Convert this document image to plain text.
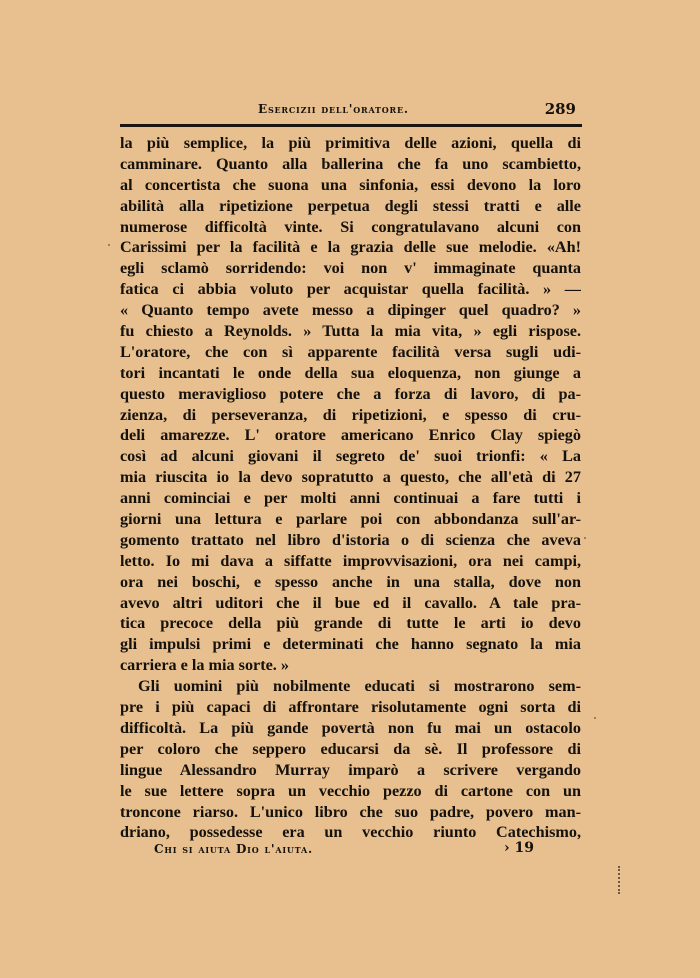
Esercizii dell'oratore.	289
la più semplice, la più primitiva delle azioni, quella di
camminare. Quanto alla ballerina che fa uno scambietto,
al concertista che suona una sinfonia, essi devono la loro
abilità alla ripetizione perpetua degli stessi tratti e alle
numerose difficoltà vinte. Si congratulavano alcuni con
Carissimi per la facilità e la grazia delle sue melodie. «Ah!
egli sclamò sorridendo: voi non v' immaginate quanta
fatica ci abbia voluto per acquistar quella facilità. » —
« Quanto tempo avete messo a dipinger quel quadro? »
fu chiesto a Reynolds. » Tutta la mia vita, » egli rispose.
L'oratore, che con sì apparente facilità versa sugli udi-
tori incantati le onde della sua eloquenza, non giunge a
questo meraviglioso potere che a forza di lavoro, di pa-
zienza, di perseveranza, di ripetizioni, e spesso di cru-
deli amarezze. L' oratore americano Enrico Clay spiegò
così ad alcuni giovani il segreto de' suoi trionfi: « La
mia riuscita io la devo sopratutto a questo, che all'età di 27
anni cominciai e per molti anni continuai a fare tutti i
giorni una lettura e parlare poi con abbondanza sull'ar-
gomento trattato nel libro d'istoria o di scienza che aveva
letto. Io mi dava a siffatte improvvisazioni, ora nei campi,
ora nei boschi, e spesso anche in una stalla, dove non
avevo altri uditori che il bue ed il cavallo. A tale pra-
tica precoce della più grande di tutte le arti io devo
gli impulsi primi e determinati che hanno segnato la mia
carriera e la mia sorte. »
Gli uomini più nobilmente educati si mostrarono sem-
pre i più capaci di affrontare risolutamente ogni sorta di
difficoltà. La più gande povertà non fu mai un ostacolo
per coloro che seppero educarsi da sè. Il professore di
lingue Alessandro Murray imparò a scrivere vergando
le sue lettere sopra un vecchio pezzo di cartone con un
troncone riarso. L'unico libro che suo padre, povero man-
driano, possedesse era un vecchio riunto Catechismo,
Chi si aiuta Dio l'aiuta.	› 19
